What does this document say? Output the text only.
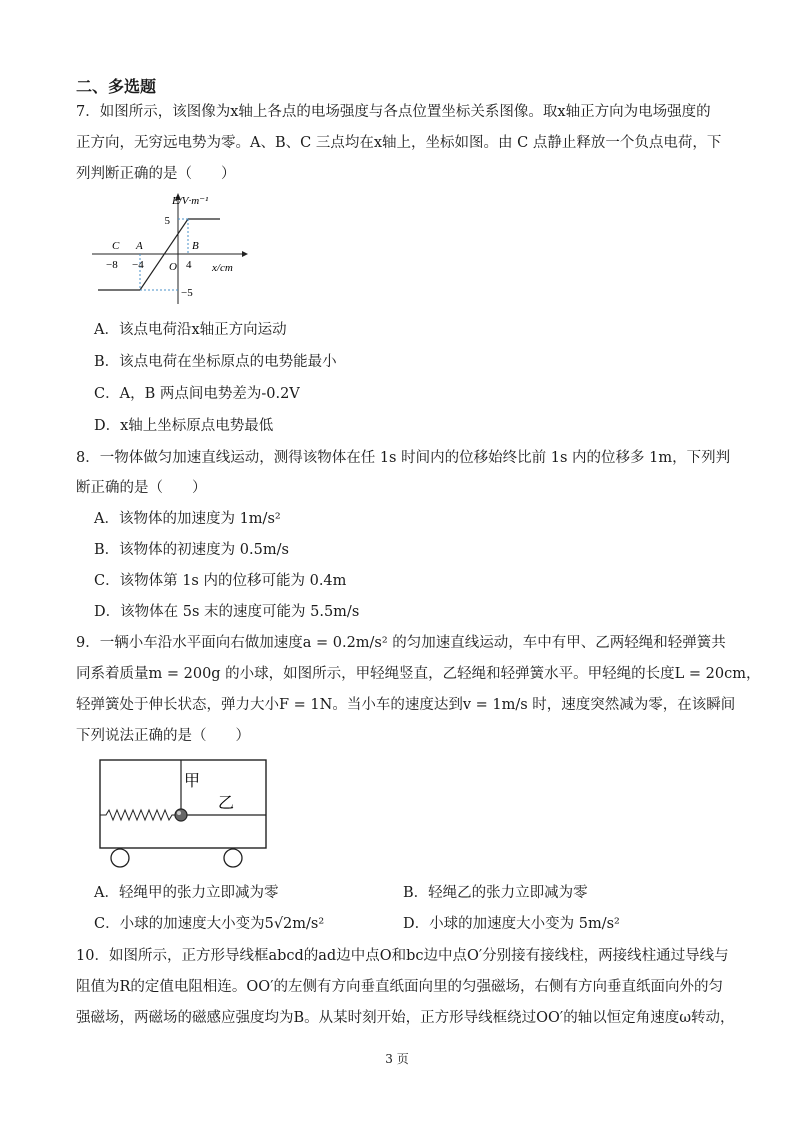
二、多选题
7．如图所示，该图像为x轴上各点的电场强度与各点位置坐标关系图像。取x轴正方向为电场强度的
正方向，无穷远电势为零。A、B、C 三点均在x轴上，坐标如图。由 C 点静止释放一个负点电荷，下
列判断正确的是（　　）
E/V·m⁻¹
5
−5
O	x/cm
C A	B
−8 −4	4
A．该点电荷沿x轴正方向运动
B．该点电荷在坐标原点的电势能最小
C．A，B 两点间电势差为-0.2V
D．x轴上坐标原点电势最低
8．一物体做匀加速直线运动，测得该物体在任 1s 时间内的位移始终比前 1s 内的位移多 1m，下列判
断正确的是（　　）
A．该物体的加速度为 1m/s²
B．该物体的初速度为 0.5m/s
C．该物体第 1s 内的位移可能为 0.4m
D．该物体在 5s 末的速度可能为 5.5m/s
9．一辆小车沿水平面向右做加速度a = 0.2m/s² 的匀加速直线运动，车中有甲、乙两轻绳和轻弹簧共
同系着质量m = 200g 的小球，如图所示，甲轻绳竖直，乙轻绳和轻弹簧水平。甲轻绳的长度L = 20cm，
轻弹簧处于伸长状态，弹力大小F = 1N。当小车的速度达到v = 1m/s 时，速度突然减为零，在该瞬间
下列说法正确的是（　　）
甲
乙
A．轻绳甲的张力立即减为零	B．轻绳乙的张力立即减为零
C．小球的加速度大小变为5√2m/s²	D．小球的加速度大小变为 5m/s²
10．如图所示，正方形导线框abcd的ad边中点O和bc边中点O′分别接有接线柱，两接线柱通过导线与
阻值为R的定值电阻相连。OO′的左侧有方向垂直纸面向里的匀强磁场，右侧有方向垂直纸面向外的匀
强磁场，两磁场的磁感应强度均为B。从某时刻开始，正方形导线框绕过OO′的轴以恒定角速度ω转动，
3 页
